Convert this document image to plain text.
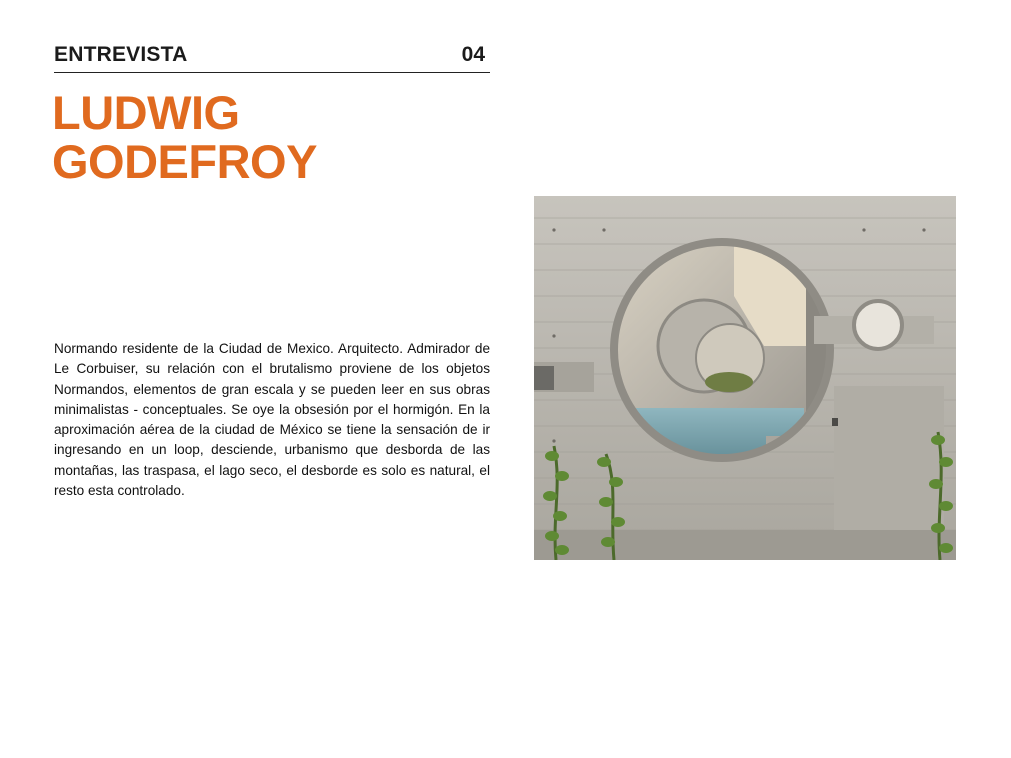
ENTREVISTA	04
LUDWIG
GODEFROY

Normando residente de la Ciudad de Mexico. Arquitecto. Admirador de Le Corbuiser, su relación con el brutalismo proviene de los objetos Normandos, elementos de gran escala y se pueden leer en sus obras minimalistas - conceptuales. Se oye la obsesión por el hormigón. En la aproximación aérea de la ciudad de México se tiene la sensación de ir ingresando en un loop, desciende, urbanismo que desborda de las montañas, las traspasa, el lago seco, el desborde es solo es natural, el resto esta controlado.
